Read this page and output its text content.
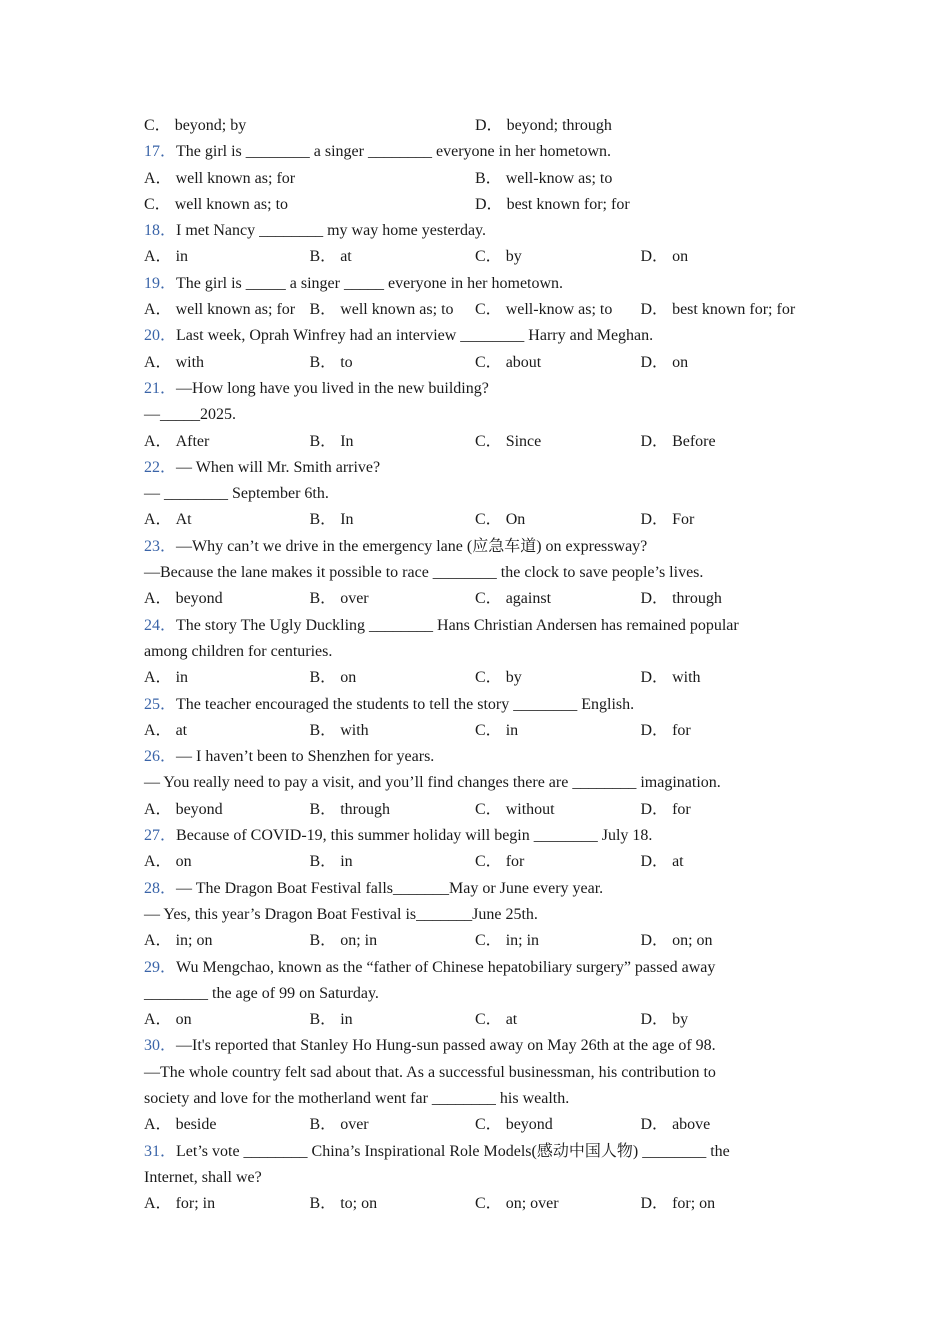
C． beyond; by	D． beyond; through
17．The girl is ________ a singer ________ everyone in her hometown.
A． well known as; for	B． well-know as; to
C． well known as; to	D． best known for; for
18．I met Nancy ________ my way home yesterday.
A． in	B． at	C． by	D． on
19．The girl is _____ a singer _____ everyone in her hometown.
A． well known as; for B． well known as; to	C． well-know as; to	D． best known for; for
20．Last week, Oprah Winfrey had an interview ________ Harry and Meghan.
A． with	B． to	C． about	D． on
21．—How long have you lived in the new building?
—_____2025.
A． After	B． In	C． Since	D． Before
22．— When will Mr. Smith arrive?
— ________ September 6th.
A． At	B． In	C． On	D． For
23．—Why can’t we drive in the emergency lane (应急车道) on expressway?
—Because the lane makes it possible to race ________ the clock to save people’s lives.
A． beyond	B． over	C． against	D． through
24．The story The Ugly Duckling ________ Hans Christian Andersen has remained popular
among children for centuries.
A． in	B． on	C． by	D． with
25．The teacher encouraged the students to tell the story ________ English.
A． at	B． with	C． in	D． for
26．— I haven’t been to Shenzhen for years.
— You really need to pay a visit, and you’ll find changes there are ________ imagination.
A． beyond	B． through	C． without	D． for
27．Because of COVID-19, this summer holiday will begin ________ July 18.
A． on	B． in	C． for	D． at
28．— The Dragon Boat Festival falls_______May or June every year.
— Yes, this year’s Dragon Boat Festival is_______June 25th.
A． in; on	B． on; in	C． in; in	D． on; on
29．Wu Mengchao, known as the “father of Chinese hepatobiliary surgery” passed away
________ the age of 99 on Saturday.
A． on	B． in	C． at	D． by
30．—It's reported that Stanley Ho Hung-sun passed away on May 26th at the age of 98.
—The whole country felt sad about that. As a successful businessman, his contribution to
society and love for the motherland went far ________ his wealth.
A． beside	B． over	C． beyond	D． above
31．Let’s vote ________ China’s Inspirational Role Models(感动中国人物) ________ the
Internet, shall we?
A． for; in	B． to; on	C． on; over	D． for; on
